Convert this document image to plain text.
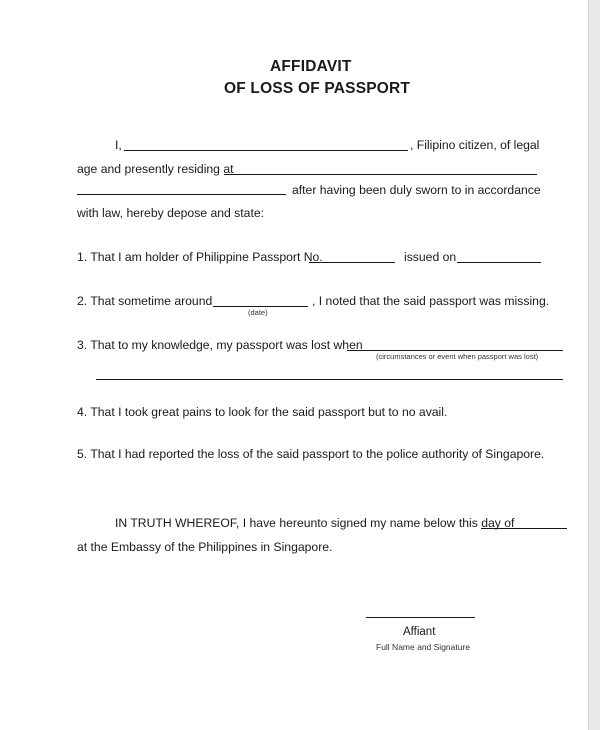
AFFIDAVIT
OF LOSS OF PASSPORT
I,	, Filipino citizen, of legal
age and presently residing at
after having been duly sworn to in accordance
with law, hereby depose and state:
1. That I am holder of Philippine Passport No.	issued on
2. That sometime around	, I noted that the said passport was missing.
(date)
3. That to my knowledge, my passport was lost when
(circumstances or event when passport was lost)
4. That I took great pains to look for the said passport but to no avail.
5. That I had reported the loss of the said passport to the police authority of Singapore.
IN TRUTH WHEREOF, I have hereunto signed my name below this day of
at the Embassy of the Philippines in Singapore.
Affiant
Full Name and Signature
